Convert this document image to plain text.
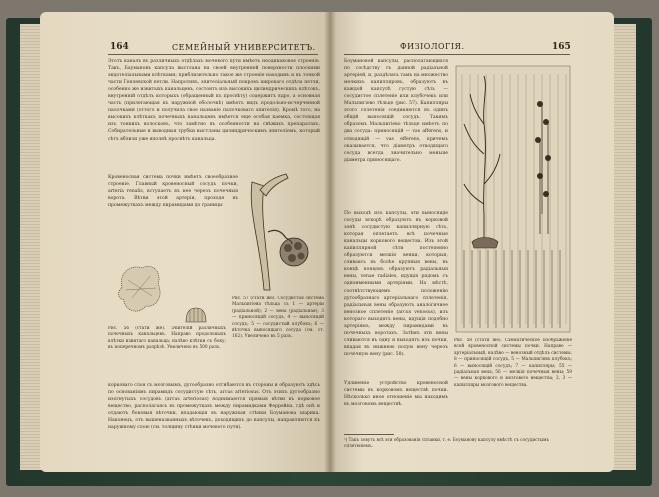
164	СЕМЕЙНЫЙ УНИВЕРСИТЕТЪ.
Этотъ каналъ въ различныхъ отдѣлахъ мочевого пути имѣетъ неодинаковое строеніе. Такъ, Баумановъ капсула выстлана на своей внутренней поверхности плоскими эндотеліальными клѣтками; приблизительно такое же строеніе находимъ и въ тонкой части Генлевской петли. Напротивъ, эпителіальный покровъ широкаго отдѣла петли, особенно же извитыхъ канальцевъ, состоитъ изъ высокихъ цилиндрическихъ клѣтокъ, внутренній отдѣлъ которыхъ (обращенный къ просвѣту) содержитъ ядро, а основная часть (прилегающая къ наружной оболочкѣ) имѣетъ видъ продольно-исчерченной палочками (оттого и получила свое названіе палочковаго эпителія). Кромѣ того, на высокихъ клѣткахъ почечныхъ канальцевъ имѣется еще особая каемка, состоящая изъ тонкихъ волосковъ, что замѣтно въ особенности на свѣжихъ препаратахъ. Собирательные и выводныя трубки выстланы цилиндрическимъ эпителіемъ, который сѣтъ вблизи уже вполнѣ просвѣтъ канальца.
Кровеносная система почки имѣетъ своеобразное строеніе. Главный кровеносный сосудъ почки, arteria renalis, вступаетъ въ нее черезъ почечныя ворота. Вѣтви этой артеріи, проходя въ промежуткахъ между пирамидами до границы
Рис. 56 (стати же). Эпителій различныхъ почечныхъ канальцевъ. Направо продольныхъ клѣтки извитаго канальца; налѣво клѣтки съ боку; въ поперечномъ разрѣзѣ. Увеличено въ 500 разъ.
Рис. 57 (стати же). Сосудистая система Мальпигіева тѣльца съ 1 — артеріи (радіальной); 2 — вена (радіальная); 3 — приносящій сосудъ, 4 — выносящій сосудъ; 5 — сосудистый клубокъ; 6 — вѣточка выносящаго сосуда (см. ст. 162). Увеличено въ 5 разъ.
корковаго слоя съ мозговымъ, дугообразно отгибаются въ стороны и образуютъ здѣсь по основаніямъ пирамидъ сосудистую сѣть, arcus arteriosus. Отъ этихъ дугообразно изогнутыхъ сосудовъ (arcus arteriosus) поднимаются прямыя вѣтви въ корковое вещество, располагаясь въ промежуткахъ между пирамидками Феррейна, гдѣ онѣ и отдаютъ боковыя вѣточки, впадающія въ наружныя стѣнки Боуманова шарика. Наконецъ, отъ вышеназванныхъ вѣточекъ, доходящихъ до капсулы, направляются къ наружному слою (см. толщину стѣнки мочевого пути).
ФИЗІОЛОГІЯ.	165
Боумановой капсулы, располагающихся по сосѣдству съ данной радіальной артеріей, и, раздѣлясь тамъ на множество мелкихъ капилляровъ, образуютъ въ каждой капсулѣ густую сѣть — сосудистое сплетеніе или клубочекъ или Мальпигіево тѣльце (рис. 57). Капилляры этого сплетенія соединяются въ одинъ общій выносящій сосудъ. Такимъ образомъ Мальпигіево тѣльце имѣетъ по два сосуда: приносящій — vas afferens, и отводящій — vas efferens, причемъ оказывается, что діаметръ отводящаго сосуда всегда значительно меньше діаметра приносящаго.
По выходѣ изъ капсулы, эти выносящіе сосуды вскорѣ образуютъ въ корковой зонѣ сосудистую капиллярную сѣть, которая оплетаетъ всѣ почечные канальцы коркового вещества. Изъ этой капиллярной сѣти постепенно образуются мелкія венки, которыя, сливаясь въ болѣе крупныя вены, въ концѣ концовъ образуютъ радіальныя вены, venae radiales, идущія рядомъ съ одноименными артеріями. На мѣстѣ, соотвѣтствующемъ положенію дугообразнаго артеріальнаго сплетенія, радіальныя вены образуютъ аналогичное венозное сплетеніе (arcus venosus), изъ котораго выходятъ вены, идущія подобно артеріямъ, между пирамидами въ почечныхъ воротахъ. Затѣмъ эти вены сливаются въ одну и выходятъ изъ почки, впадая въ нижнюю полую вену черезъ почечную вену (рис. 58).
Рис. 58 (стати же). Схематическое изображеніе всей кровеносной системы почки. Направо — артеріальный, налѣво — венозный отдѣлъ системы. 8 — приносящій сосудъ, 5 — Мальпигіевъ клубокъ; 6 — выносящій сосудъ; 7 — капилляры; 55 — радіальная вена; 56 — мелкія почечныя вены; 59 — вены коркового и мозгового вещества; 2, 3 — капилляры мозгового вещества.
Удлиненіе устройство кровеносной системы въ корковомъ веществѣ почки. Нѣсколько иное отношеніе мы находимъ въ мозговомъ веществѣ.
²) Такъ зовутъ всѣ эти образованія сплавки, т. е. Боуманову капсулу вмѣстѣ съ сосудистымъ сплетеніемъ.
